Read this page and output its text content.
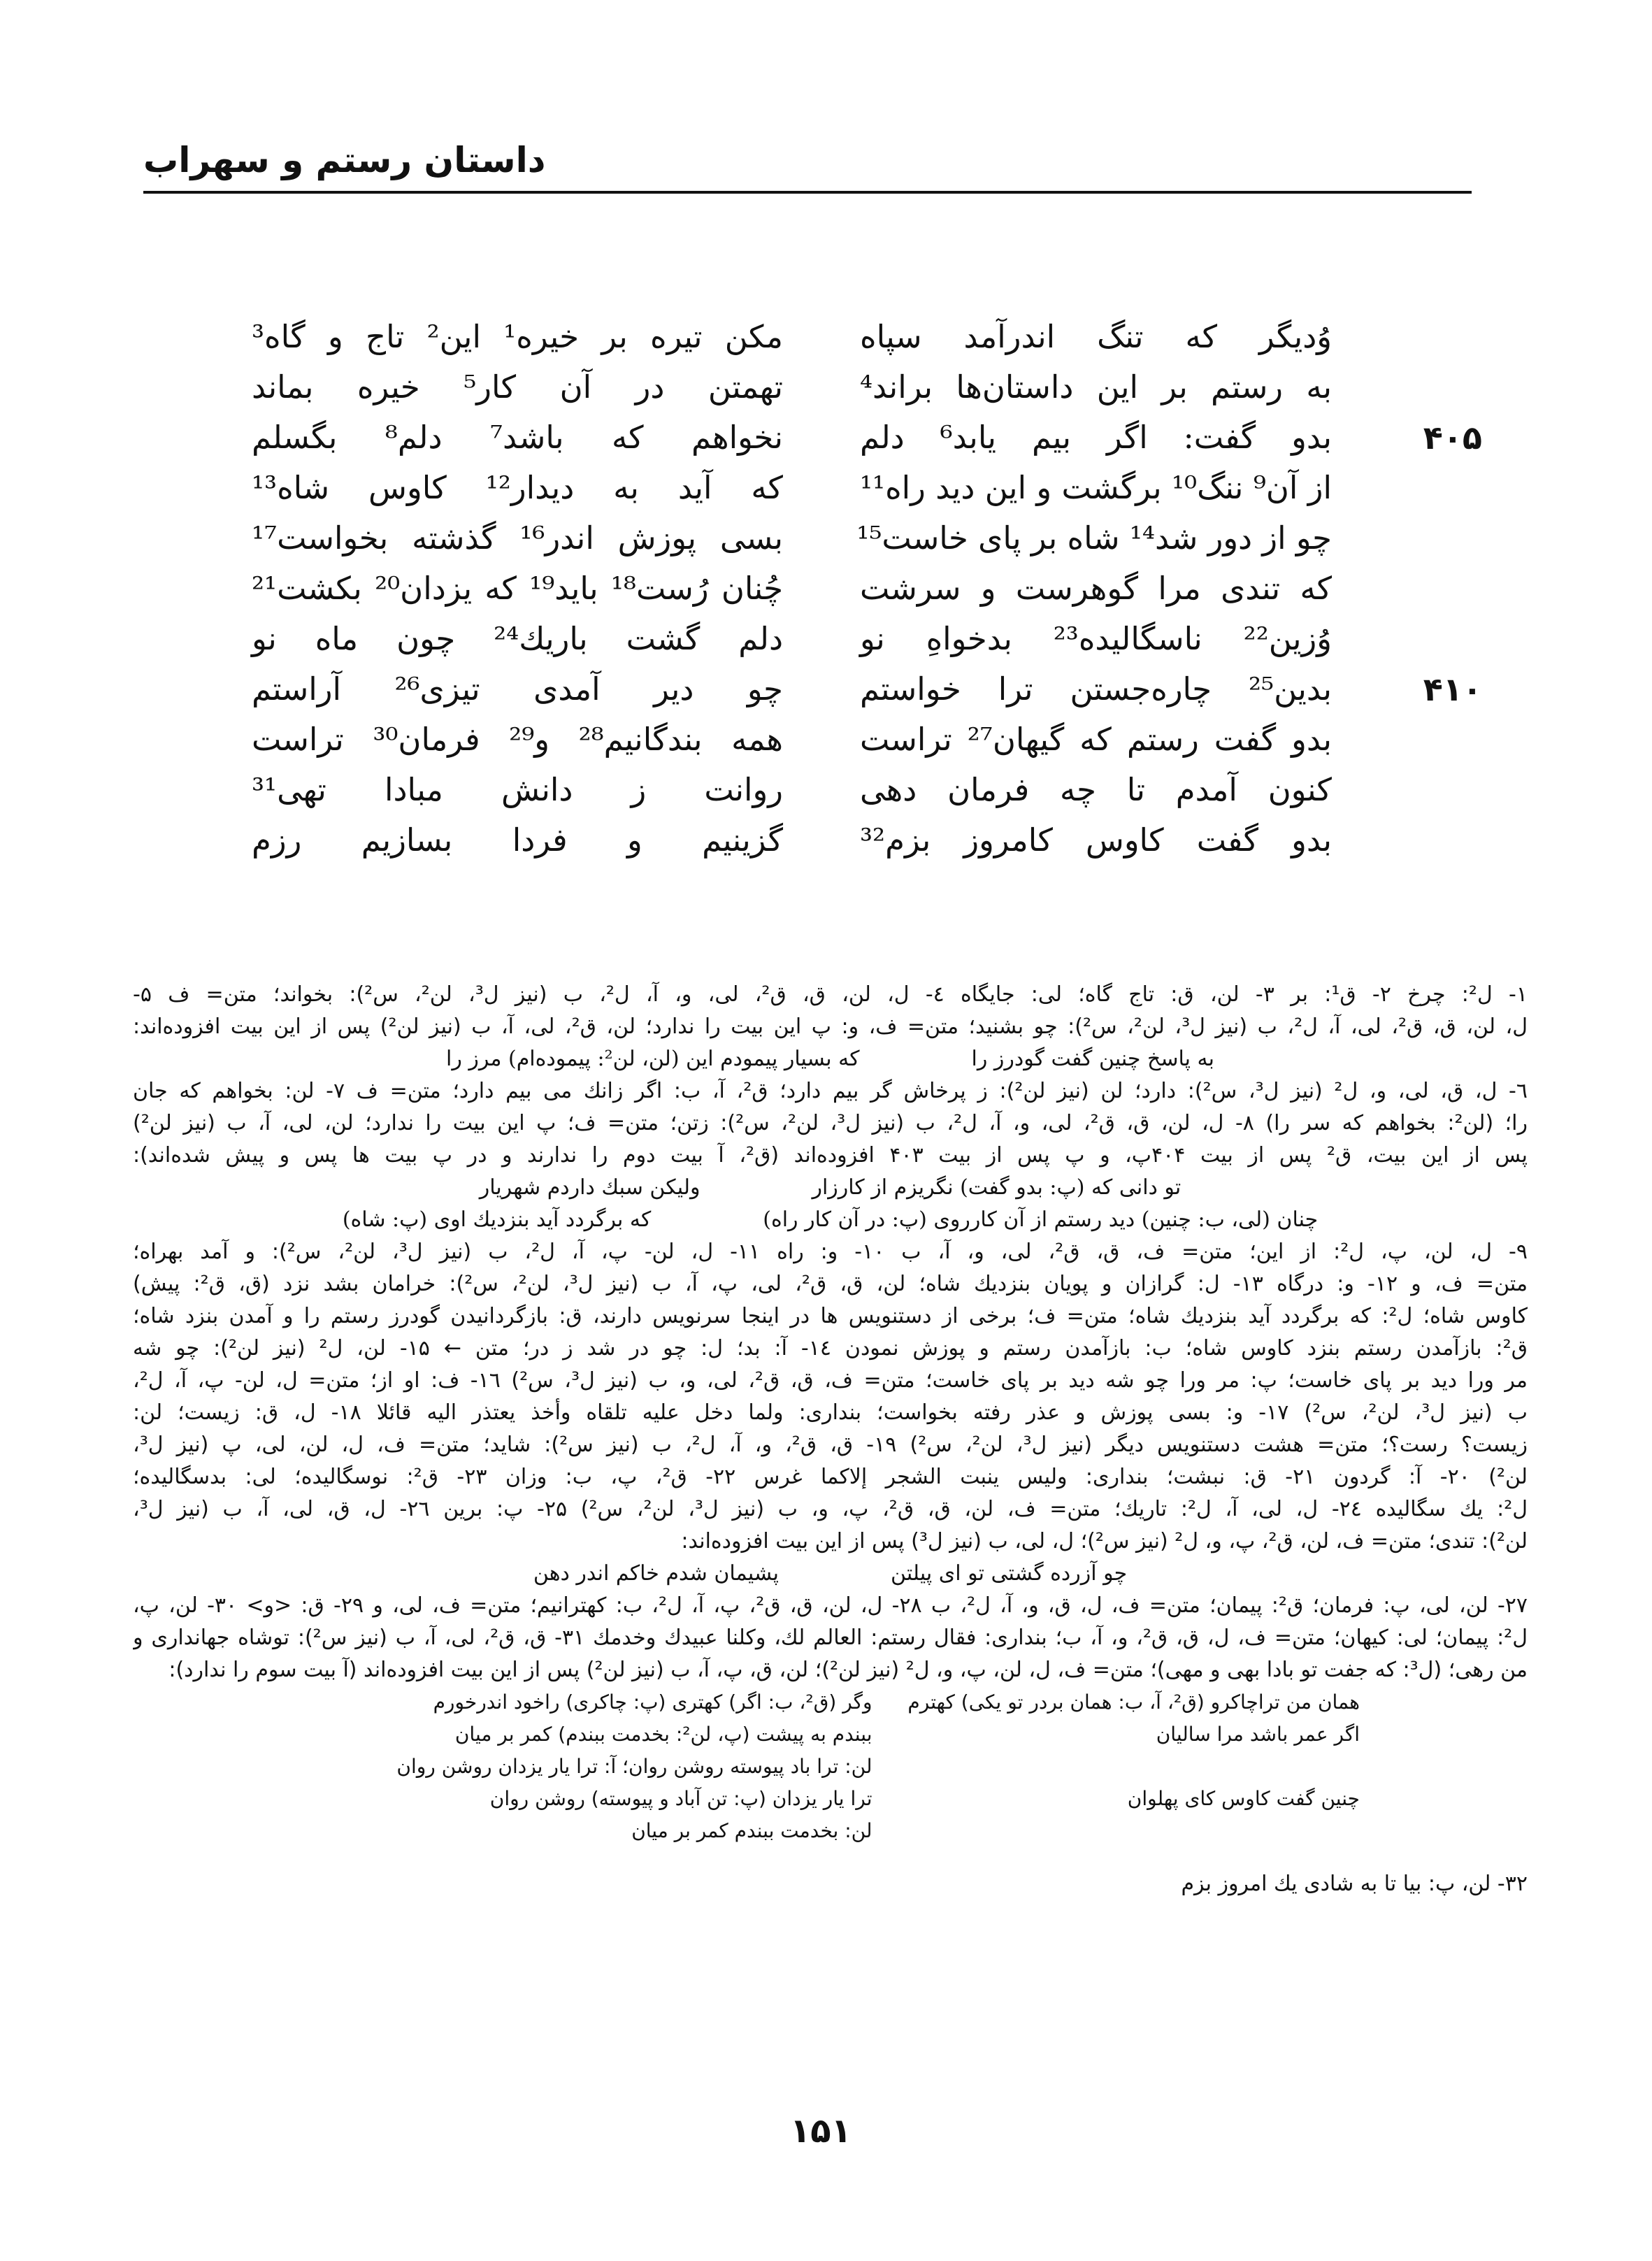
داستان رستم و سهراب
وُدیگر که تنگ اندرآمد سپاه
به رستم بر این داستان‌ها براند⁴
۴۰۵
بدو گفت: اگر بیم یابد⁶ دلم
از آن⁹ ننگ¹⁰ برگشت و این دید راه¹¹
چو از دور شد¹⁴ شاه بر پای خاست¹⁵
که تندی مرا گوهرست و سرشت
وُزین²² ناسگالیده²³ بدخواهِ نو
۴۱۰
بدین²⁵ چاره‌جستن ترا خواستم
بدو گفت رستم که گیهان²⁷ تراست
کنون آمدم تا چه فرمان دهی
بدو گفت کاوس کامروز بزم³²
مکن تیره بر خیره¹ این² تاج و گاه³
تهمتن در آن کار⁵ خیره بماند
نخواهم که باشد⁷ دلم⁸ بگسلم
که آید به دیدار¹² کاوس شاه¹³
بسی پوزش اندر¹⁶ گذشته بخواست¹⁷
چُنان رُست¹⁸ باید¹⁹ که یزدان²⁰ بکشت²¹
دلم گشت باریك²⁴ چون ماه نو
چو دیر آمدی تیزی²⁶ آراستم
همه بندگانیم²⁸ و²⁹ فرمان³⁰ تراست
روانت ز دانش مبادا تهی³¹
گزینیم و فردا بسازیم رزم
۱- ل²: چرخ ۲- ق¹: بر ۳- لن، ق: تاج گاه؛ لی: جایگاه ٤- ل، لن، ق، ق²، لی، و، آ، ل²، ب (نیز ل³، لن²، س²): بخواند؛ متن= ف ۵-
ل، لن، ق، ق²، لی، آ، ل²، ب (نیز ل³، لن²، س²): چو بشنید؛ متن= ف، و: پ این بیت را ندارد؛ لن، ق²، لی، آ، ب (نیز لن²) پس از این بیت افزوده‌اند:
به پاسخ چنین گفت گودرز را
که بسیار پیمودم این (لن، لن²: پیموده‌ام) مرز را
٦- ل، ق، لی، و، ل² (نیز ل³، س²): دارد؛ لن (نیز لن²): ز پرخاش گر بیم دارد؛ ق²، آ، ب: اگر زانك می بیم دارد؛ متن= ف ۷- لن: بخواهم که جان
را؛ (لن²: بخواهم که سر را) ۸- ل، لن، ق، ق²، لی، و، آ، ل²، ب (نیز ل³، لن²، س²): زتن؛ متن= ف؛ پ این بیت را ندارد؛ لن، لی، آ، ب (نیز لن²)
پس از این بیت، ق² پس از بیت ۴۰۴پ، و پ پس از بیت ۴۰۳ افزوده‌اند (ق²، آ بیت دوم را ندارند و در پ بیت ها پس و پیش شده‌اند):
تو دانی که (پ: بدو گفت) نگریزم از کارزار
ولیکن سبك داردم شهریار
چنان (لی، ب: چنین) دید رستم از آن کارروی (پ: در آن کار راه)
که برگردد آید بنزدیك اوی (پ: شاه)
۹- ل، لن، پ، ل²: از این؛ متن= ف، ق، ق²، لی، و، آ، ب ۱۰- و: راه ۱۱- ل، لن- پ، آ، ل²، ب (نیز ل³، لن²، س²): و آمد بهراه؛
متن= ف، و ۱۲- و: درگاه ۱۳- ل: گرازان و پویان بنزدیك شاه؛ لن، ق، ق²، لی، پ، آ، ب (نیز ل³، لن²، س²): خرامان بشد نزد (ق، ق²: پیش)
کاوس شاه؛ ل²: که برگردد آید بنزدیك شاه؛ متن= ف؛ برخی از دستنویس ها در اینجا سرنویس دارند، ق: بازگردانیدن گودرز رستم را و آمدن بنزد شاه؛
ق²: بازآمدن رستم بنزد کاوس شاه؛ ب: بازآمدن رستم و پوزش نمودن ١٤- آ: بد؛ ل: چو در شد ز در؛ متن ← ۱۵- لن، ل² (نیز لن²): چو شه
مر ورا دید بر پای خاست؛ پ: مر ورا چو شه دید بر پای خاست؛ متن= ف، ق، ق²، لی، و، ب (نیز ل³، س²) ١٦- ف: او از؛ متن= ل، لن- پ، آ، ل²،
ب (نیز ل³، لن²، س²) ۱۷- و: بسی پوزش و عذر رفته بخواست؛ بنداری: ولما دخل علیه تلقاه وأخذ یعتذر الیه قائلا ۱۸- ل، ق: زیست؛ لن:
زیست؟ رست؟؛ متن= هشت دستنویس دیگر (نیز ل³، لن²، س²) ۱۹- ق، ق²، و، آ، ل²، ب (نیز س²): شاید؛ متن= ف، ل، لن، لی، پ (نیز ل³،
لن²) ۲۰- آ: گردون ۲۱- ق: نبشت؛ بنداری: ولیس ینبت الشجر إلاکما غرس ۲۲- ق²، پ، ب: وزان ۲۳- ق²: نوسگالیده؛ لی: بدسگالیده؛
ل²: یك سگالیده ۲٤- ل، لی، آ، ل²: تاریك؛ متن= ف، لن، ق، ق²، پ، و، ب (نیز ل³، لن²، س²) ۲۵- پ: برین ۲٦- ل، ق، لی، آ، ب (نیز ل³،
لن²): تندی؛ متن= ف، لن، ق²، پ، و، ل² (نیز س²)؛ ل، لی، ب (نیز ل³) پس از این بیت افزوده‌اند:
چو آزرده گشتی تو ای پیلتن
پشیمان شدم خاکم اندر دهن
۲۷- لن، لی، پ: فرمان؛ ق²: پیمان؛ متن= ف، ل، ق، و، آ، ل²، ب ۲۸- ل، لن، ق، ق²، پ، آ، ل²، ب: کهترانیم؛ متن= ف، لی، و ۲۹- ق: <و> ۳۰- لن، پ،
ل²: پیمان؛ لی: کیهان؛ متن= ف، ل، ق، ق²، و، آ، ب؛ بنداری: فقال رستم: العالم لك، وکلنا عبیدك وخدمك ۳۱- ق، ق²، لی، آ، ب (نیز س²): توشاه جهانداری و
من رهی؛ (ل³: که جفت تو بادا بهی و مهی)؛ متن= ف، ل، لن، پ، و، ل² (نیز لن²)؛ لن، ق، پ، آ، ب (نیز لن²) پس از این بیت افزوده‌اند (آ بیت سوم را ندارد):
همان من تراچاکرو (ق²، آ، ب: همان بردر تو یکی) کهترم
وگر (ق²، ب: اگر) کهتری (پ: چاکری) راخود اندرخورم
اگر عمر باشد مرا سالیان
ببندم به پیشت (پ، لن²: بخدمت ببندم) کمر بر میان
لن: ترا باد پیوسته روشن روان؛ آ: ترا یار یزدان روشن روان
چنین گفت کاوس کای پهلوان
ترا یار یزدان (پ: تن آباد و پیوسته) روشن روان
لن: بخدمت ببندم کمر بر میان
۳۲- لن، پ: بیا تا به شادی یك امروز بزم
۱۵۱
